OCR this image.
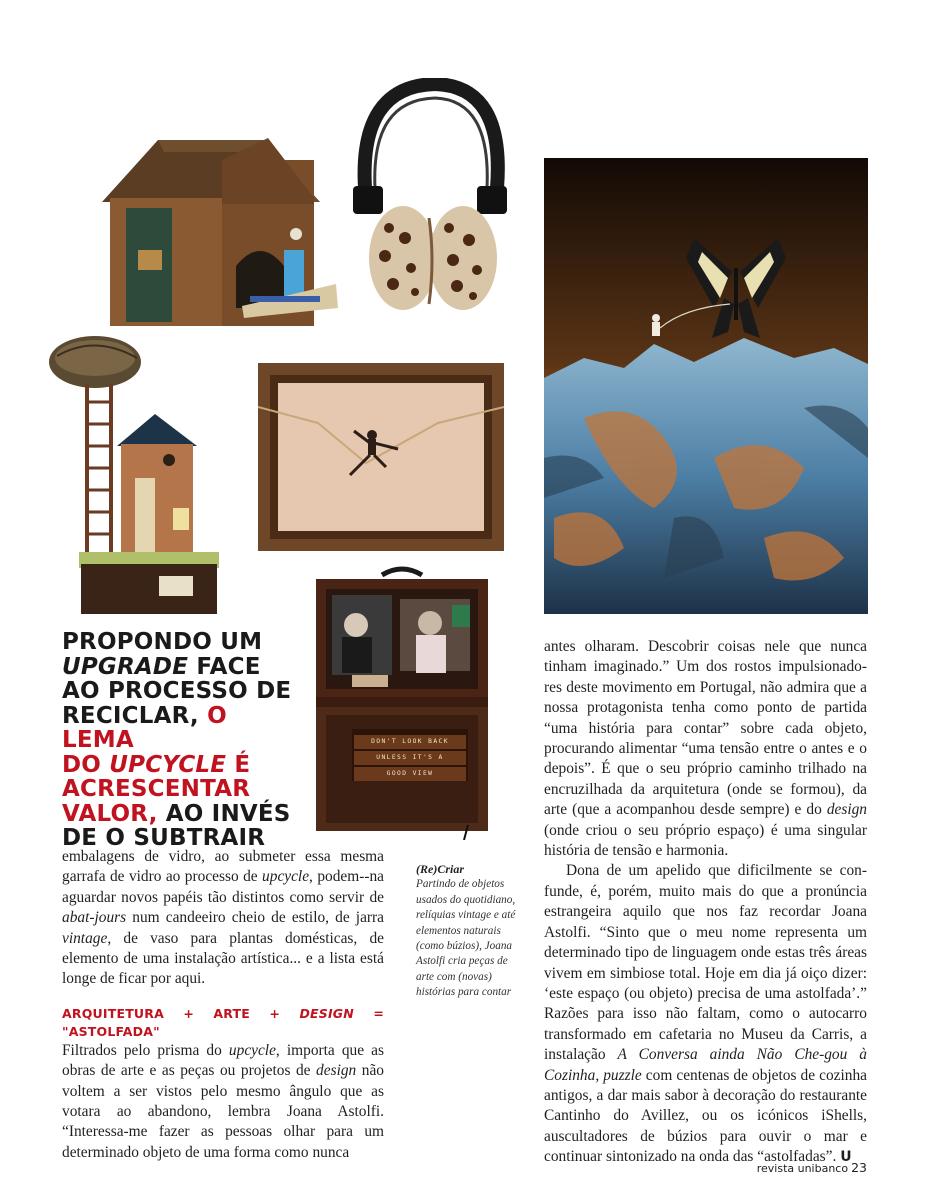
DON'T LOOK BACK
UNLESS IT'S A
GOOD VIEW
PROPONDO UM
UPGRADE FACE
AO PROCESSO DE
RECICLAR, O LEMA
DO UPCYCLE É
ACRESCENTAR
VALOR, AO INVÉS
DE O SUBTRAIR

embalagens de vidro, ao submeter essa mesma garrafa de vidro ao processo de upcycle, podem--na aguardar novos papéis tão distintos como servir de abat-jours num candeeiro cheio de estilo, de jarra vintage, de vaso para plantas domésticas, de elemento de uma instalação artística... e a lista está longe de ficar por aqui.

ARQUITETURA + ARTE + DESIGN = "ASTOLFADA"

Filtrados pelo prisma do upcycle, importa que as obras de arte e as peças ou projetos de design não voltem a ser vistos pelo mesmo ângulo que as votara ao abandono, lembra Joana Astolfi. “Interessa-me fazer as pessoas olhar para um determinado objeto de uma forma como nunca

(Re)Criar
Partindo de objetos usados do quotidiano, relíquias vintage e até elementos naturais (como búzios), Joana Astolfi cria peças de arte com (novas) histórias para contar

antes olharam. Descobrir coisas nele que nunca tinham imaginado.” Um dos rostos impulsionado-res deste movimento em Portugal, não admira que a nossa protagonista tenha como ponto de partida “uma história para contar” sobre cada objeto, procurando alimentar “uma tensão entre o antes e o depois”. É que o seu próprio caminho trilhado na encruzilhada da arquitetura (onde se formou), da arte (que a acompanhou desde sempre) e do design (onde criou o seu próprio espaço) é uma singular história de tensão e harmonia.

Dona de um apelido que dificilmente se con-funde, é, porém, muito mais do que a pronúncia estrangeira aquilo que nos faz recordar Joana Astolfi. “Sinto que o meu nome representa um determinado tipo de linguagem onde estas três áreas vivem em simbiose total. Hoje em dia já oiço dizer: ‘este espaço (ou objeto) precisa de uma astolfada’.” Razões para isso não faltam, como o autocarro transformado em cafetaria no Museu da Carris, a instalação A Conversa ainda Não Che-gou à Cozinha, puzzle com centenas de objetos de cozinha antigos, a dar mais sabor à decoração do restaurante Cantinho do Avillez, ou os icónicos iShells, auscultadores de búzios para ouvir o mar e continuar sintonizado na onda das “astolfadas”. U

revista unibanco 23
